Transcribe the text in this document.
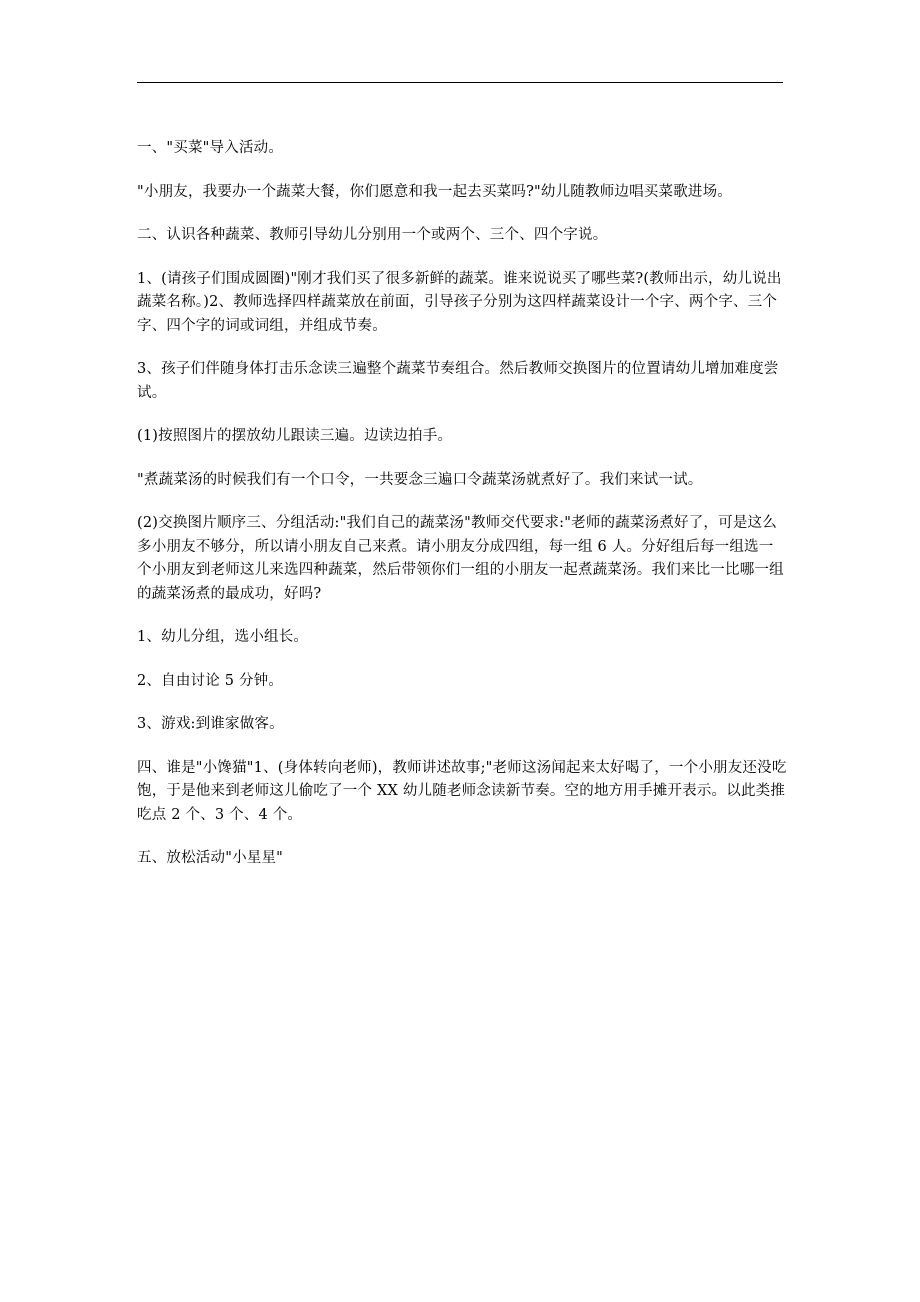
一、"买菜"导入活动。

"小朋友，我要办一个蔬菜大餐，你们愿意和我一起去买菜吗?"幼儿随教师边唱买菜歌进场。

二、认识各种蔬菜、教师引导幼儿分别用一个或两个、三个、四个字说。

1、(请孩子们围成圆圈)"刚才我们买了很多新鲜的蔬菜。谁来说说买了哪些菜?(教师出示，幼儿说出蔬菜名称。)2、教师选择四样蔬菜放在前面，引导孩子分别为这四样蔬菜设计一个字、两个字、三个字、四个字的词或词组，并组成节奏。

3、孩子们伴随身体打击乐念读三遍整个蔬菜节奏组合。然后教师交换图片的位置请幼儿增加难度尝试。

(1)按照图片的摆放幼儿跟读三遍。边读边拍手。

"煮蔬菜汤的时候我们有一个口令，一共要念三遍口令蔬菜汤就煮好了。我们来试一试。

(2)交换图片顺序三、分组活动:"我们自己的蔬菜汤"教师交代要求:"老师的蔬菜汤煮好了，可是这么多小朋友不够分，所以请小朋友自己来煮。请小朋友分成四组，每一组 6 人。分好组后每一组选一个小朋友到老师这儿来选四种蔬菜，然后带领你们一组的小朋友一起煮蔬菜汤。我们来比一比哪一组的蔬菜汤煮的最成功，好吗?

1、幼儿分组，选小组长。

2、自由讨论 5 分钟。

3、游戏:到谁家做客。

四、谁是"小馋猫"1、(身体转向老师)，教师讲述故事;"老师这汤闻起来太好喝了，一个小朋友还没吃饱，于是他来到老师这儿偷吃了一个 XX 幼儿随老师念读新节奏。空的地方用手摊开表示。以此类推吃点 2 个、3 个、4 个。

五、放松活动"小星星"
